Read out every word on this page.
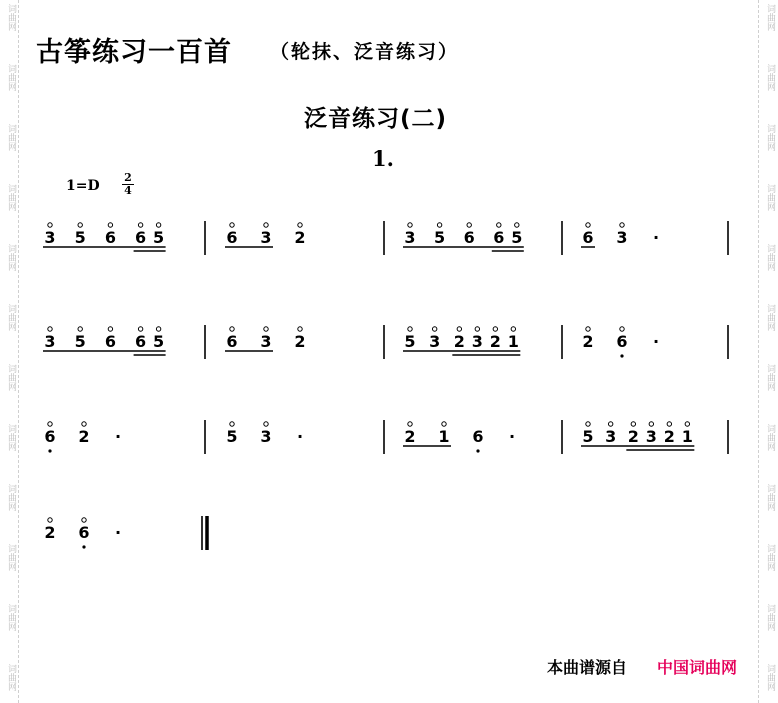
词曲网
词曲网
词曲网
词曲网
词曲网
词曲网
词曲网
词曲网
词曲网
词曲网
词曲网
词曲网
词曲网
词曲网
词曲网
词曲网
词曲网
词曲网
词曲网
词曲网
词曲网
词曲网
词曲网
词曲网
古筝练习一百首 （轮抹、泛音练习）
泛音练习(二)
1.
1=D
2
4
3 5 6 6 5	6 3 2	3 5 6 6 5	6 3 ·
3 5 6 6 5	6 3 2	5 3 2 3 2 1	2 6 ·
6 2 ·	5 3 ·	2 1 6 ·	5 3 2 3 2 1
2 6 ·
本曲谱源自 中国词曲网
